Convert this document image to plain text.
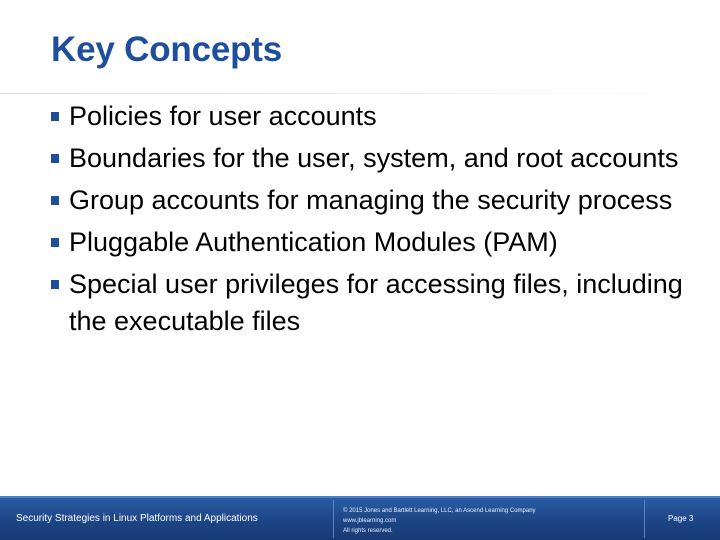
Key Concepts
Policies for user accounts
Boundaries for the user, system, and root accounts
Group accounts for managing the security process
Pluggable Authentication Modules (PAM)
Special user privileges for accessing files, including the executable files
Security Strategies in Linux Platforms and Applications
© 2015 Jones and Bartlett Learning, LLC, an Ascend Learning Company
www.jblearning.com
All rights reserved.
Page 3
